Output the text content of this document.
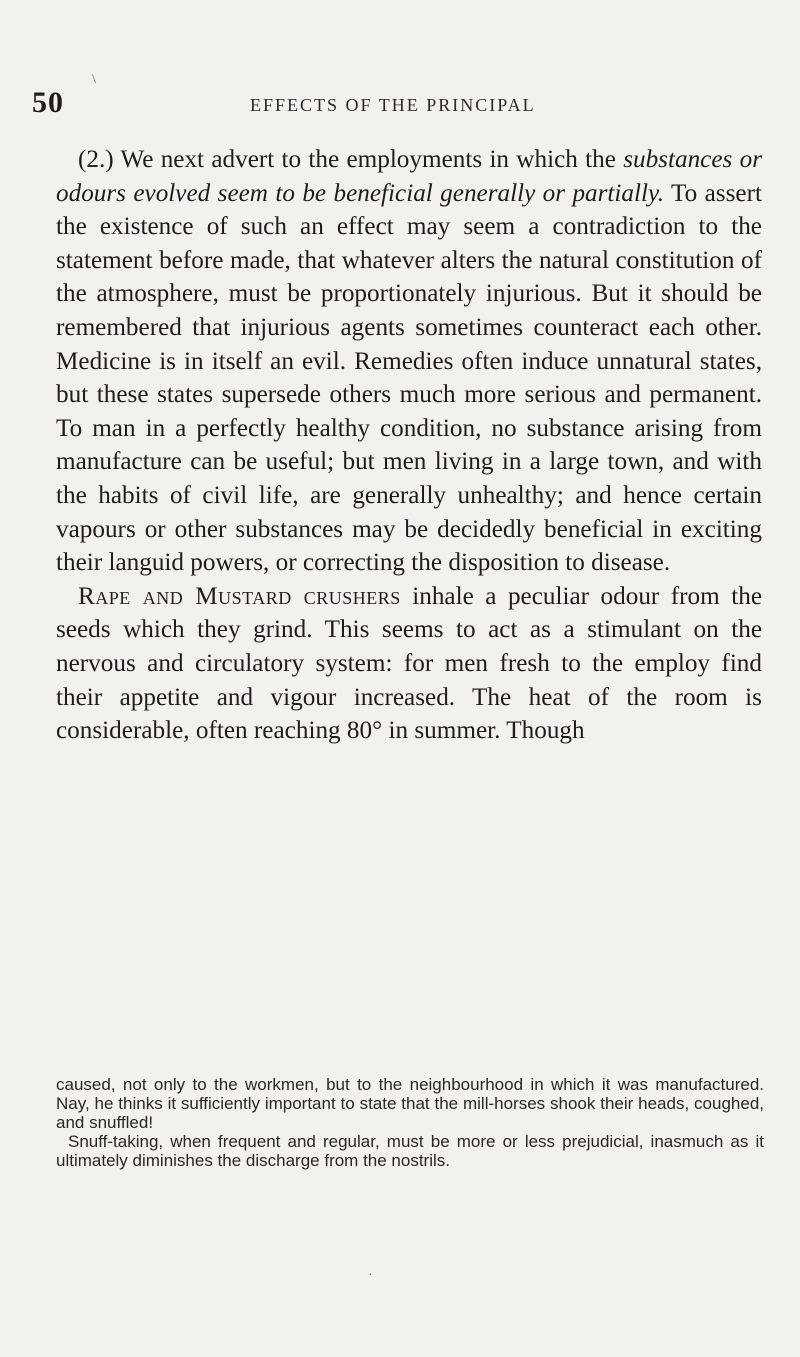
\
50	EFFECTS OF THE PRINCIPAL

(2.) We next advert to the employments in which the substances or odours evolved seem to be beneficial generally or partially. To assert the existence of such an effect may seem a contradiction to the statement before made, that whatever alters the natural constitution of the atmosphere, must be proportionately injurious. But it should be remembered that injurious agents sometimes counteract each other. Medicine is in itself an evil. Remedies often induce unnatural states, but these states supersede others much more serious and permanent. To man in a perfectly healthy condition, no substance arising from manufacture can be useful; but men living in a large town, and with the habits of civil life, are generally unhealthy; and hence certain vapours or other substances may be decidedly beneficial in exciting their languid powers, or correcting the disposition to disease.

Rape and Mustard crushers inhale a peculiar odour from the seeds which they grind. This seems to act as a stimulant on the nervous and circulatory system: for men fresh to the employ find their appetite and vigour increased. The heat of the room is considerable, often reaching 80° in summer. Though

caused, not only to the workmen, but to the neighbourhood in which it was manufactured. Nay, he thinks it sufficiently important to state that the mill-horses shook their heads, coughed, and snuffled!

Snuff-taking, when frequent and regular, must be more or less prejudicial, inasmuch as it ultimately diminishes the discharge from the nostrils.

·
